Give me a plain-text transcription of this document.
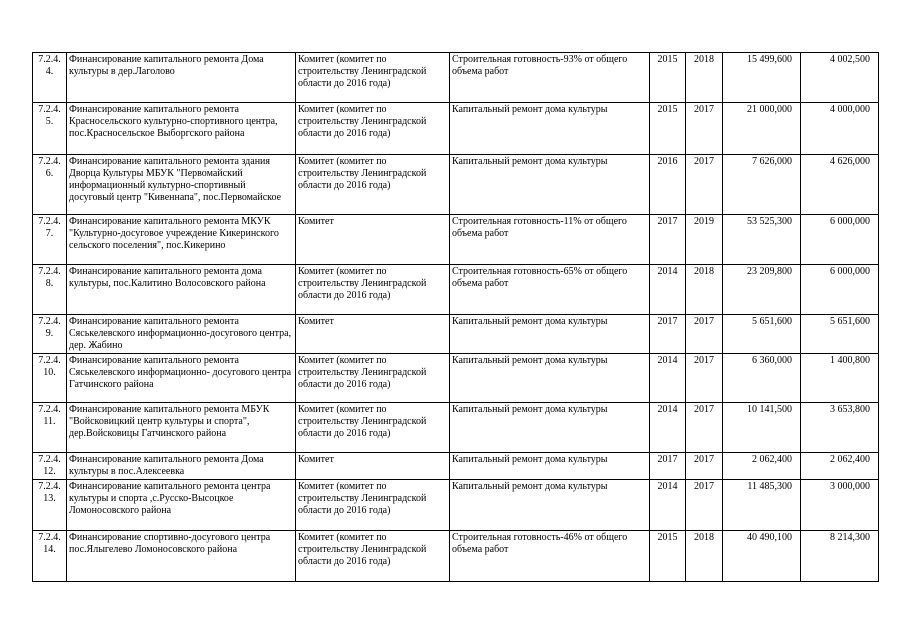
7.2.4.
4.	Финансирование капитального ремонта Дома культуры в дер.Лаголово	Комитет (комитет по строительству Ленинградской области до 2016 года)	Строительная готовность-93% от общего объема работ	2015	2018	15 499,600	4 002,500
7.2.4.
5.	Финансирование капитального ремонта Красносельского культурно-спортивного центра, пос.Красносельское Выборгского района	Комитет (комитет по строительству Ленинградской области до 2016 года)	Капитальный ремонт дома культуры	2015	2017	21 000,000	4 000,000
7.2.4.
6.	Финансирование капитального ремонта здания Дворца Культуры МБУК "Первомайский информационный культурно-спортивный досуговый центр "Кивеннапа", пос.Первомайское	Комитет (комитет по строительству Ленинградской области до 2016 года)	Капитальный ремонт дома культуры	2016	2017	7 626,000	4 626,000
7.2.4.
7.	Финансирование капитального ремонта МКУК "Культурно-досуговое учреждение Кикеринского сельского поселения", пос.Кикерино	Комитет	Строительная готовность-11% от общего объема работ	2017	2019	53 525,300	6 000,000
7.2.4.
8.	Финансирование капитального ремонта дома культуры, пос.Калитино Волосовского района	Комитет (комитет по строительству Ленинградской области до 2016 года)	Строительная готовность-65% от общего объема работ	2014	2018	23 209,800	6 000,000
7.2.4.
9.	Финансирование капитального ремонта Сяськелевского информационно-досугового центра, дер. Жабино	Комитет	Капитальный ремонт дома культуры	2017	2017	5 651,600	5 651,600
7.2.4.
10.	Финансирование капитального ремонта Сяськелевского информационно- досугового центра Гатчинского района	Комитет (комитет по строительству Ленинградской области до 2016 года)	Капитальный ремонт дома культуры	2014	2017	6 360,000	1 400,800
7.2.4.
11.	Финансирование капитального ремонта МБУК "Войсковицкий центр культуры и спорта", дер.Войсковицы Гатчинского района	Комитет (комитет по строительству Ленинградской области до 2016 года)	Капитальный ремонт дома культуры	2014	2017	10 141,500	3 653,800
7.2.4.
12.	Финансирование капитального ремонта Дома культуры в пос.Алексеевка	Комитет	Капитальный ремонт дома культуры	2017	2017	2 062,400	2 062,400
7.2.4.
13.	Финансирование капитального ремонта центра культуры и спорта ,с.Русско-Высоцкое Ломоносовского района	Комитет (комитет по строительству Ленинградской области до 2016 года)	Капитальный ремонт дома культуры	2014	2017	11 485,300	3 000,000
7.2.4.
14.	Финансирование спортивно-досугового центра пос.Ялыгелево Ломоносовского района	Комитет (комитет по строительству Ленинградской области до 2016 года)	Строительная готовность-46% от общего объема работ	2015	2018	40 490,100	8 214,300
